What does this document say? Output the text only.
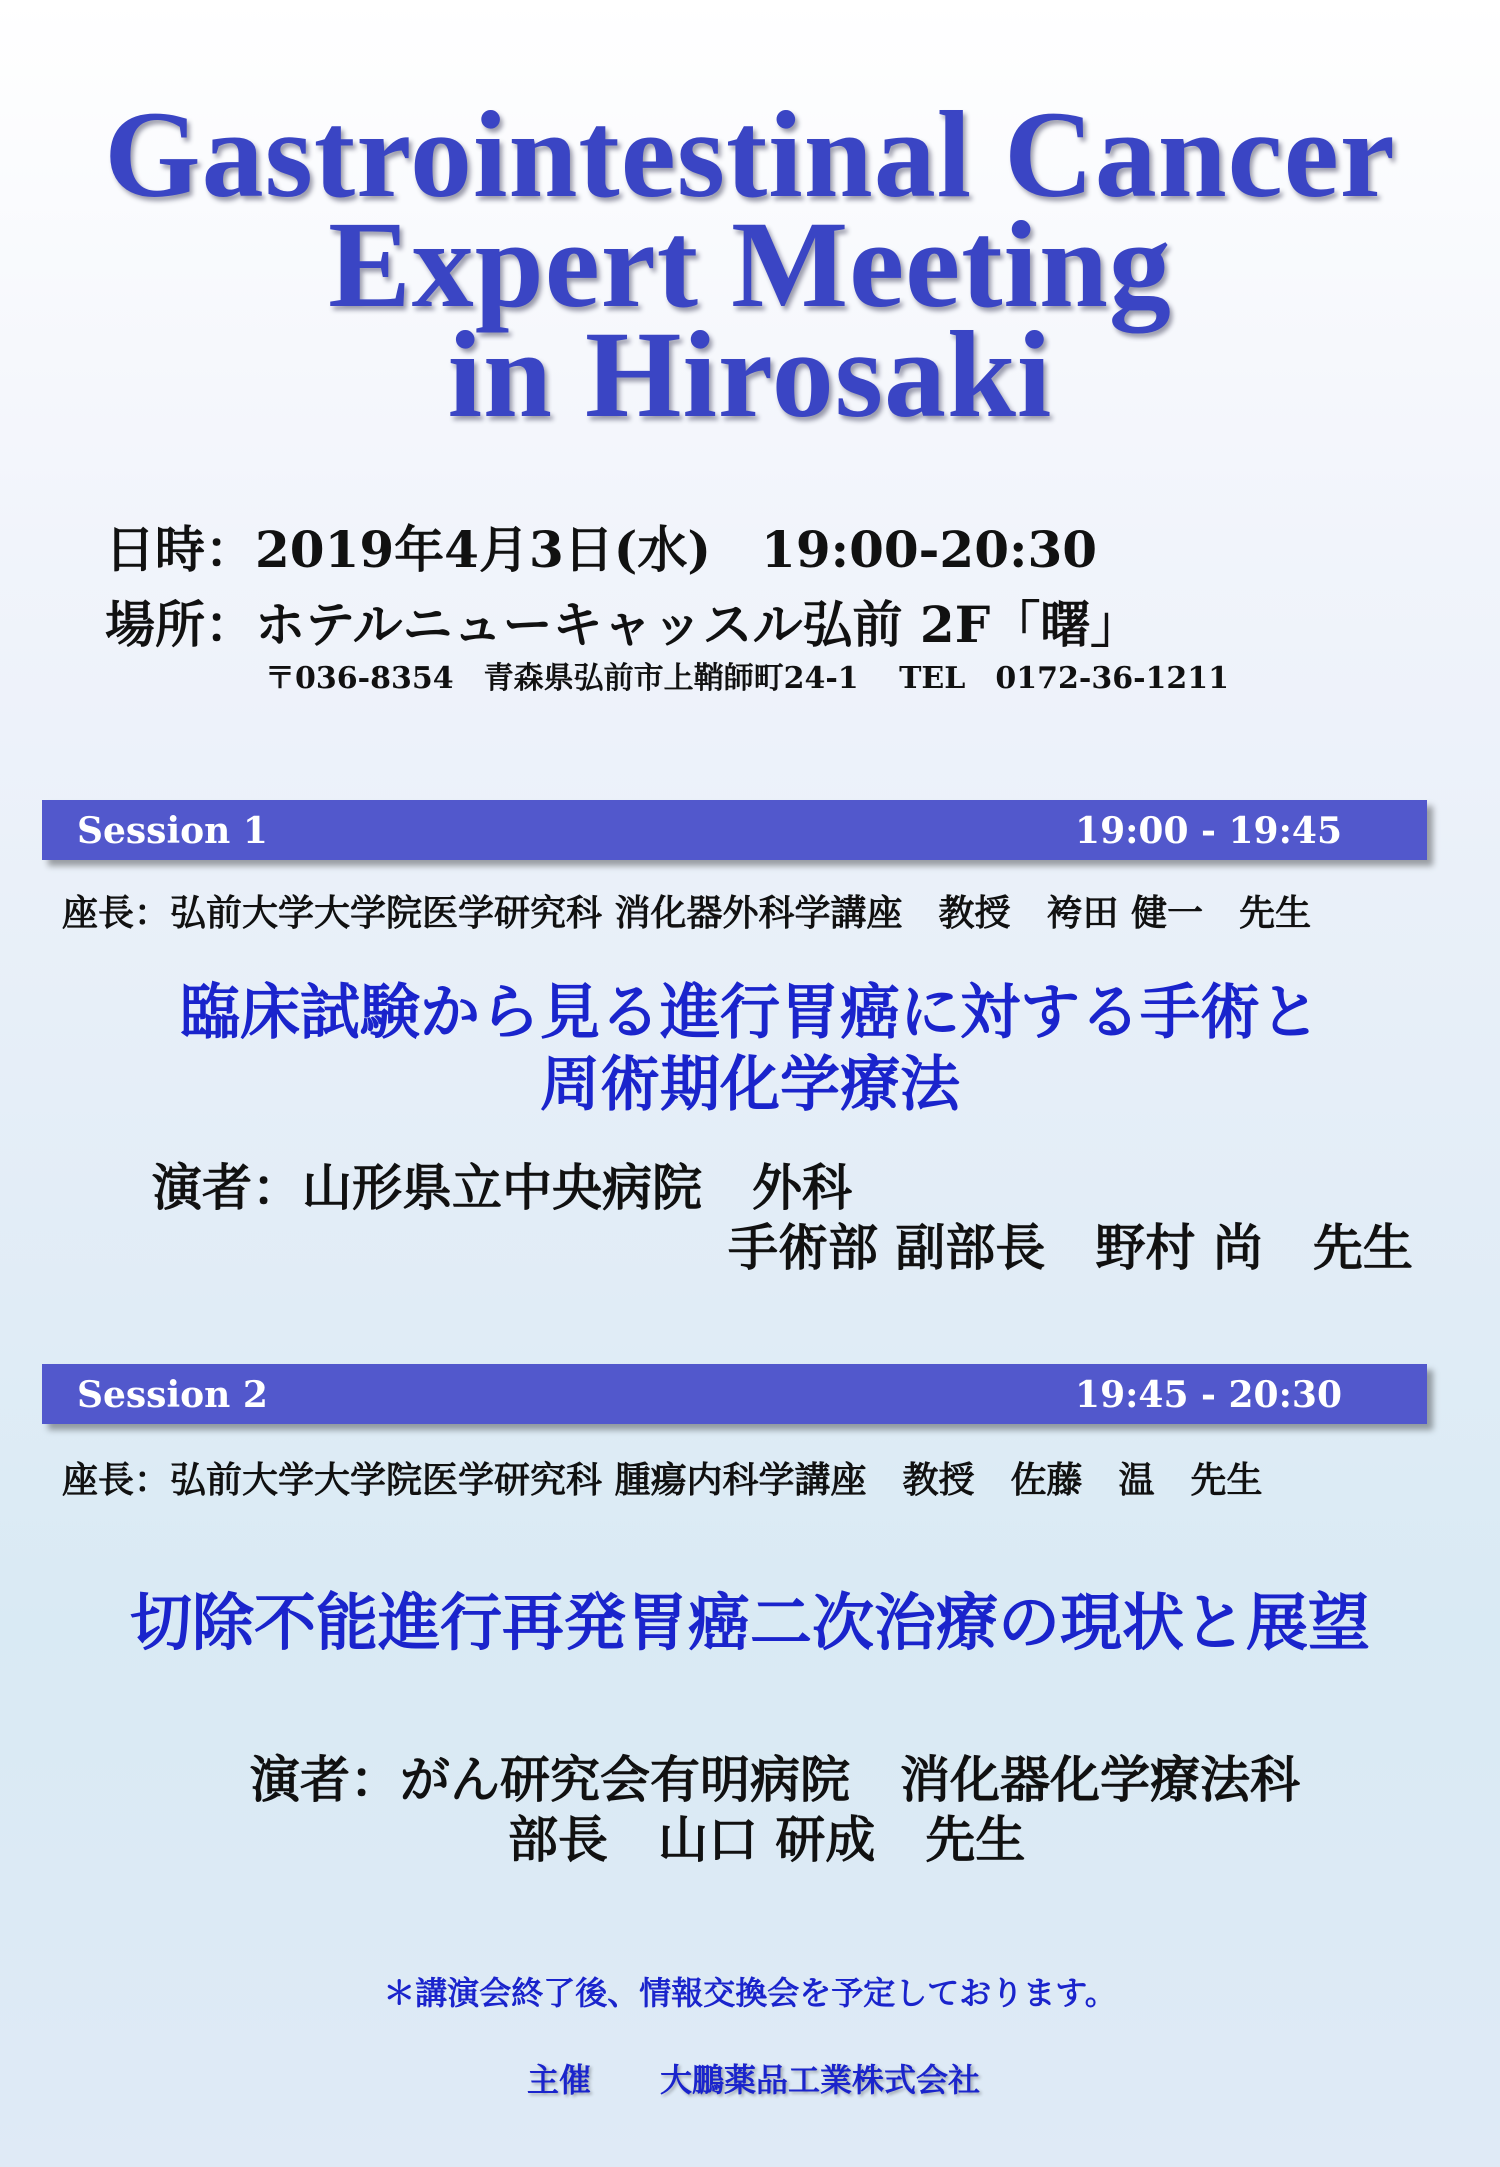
Gastrointestinal Cancer
Expert Meeting
in Hirosaki
日時：2019年4月3日(水)　19:00-20:30
場所：ホテルニューキャッスル弘前 2F「曙」
〒036-8354　青森県弘前市上鞘師町24-1　 TEL　0172-36-1211
Session 1	19:00 - 19:45
座長：弘前大学大学院医学研究科 消化器外科学講座　教授　袴田 健一　先生
臨床試験から見る進行胃癌に対する手術と
周術期化学療法
演者：山形県立中央病院　外科
手術部 副部長　野村 尚　先生
Session 2	19:45 - 20:30
座長：弘前大学大学院医学研究科 腫瘍内科学講座　教授　佐藤　温　先生
切除不能進行再発胃癌二次治療の現状と展望
演者：がん研究会有明病院　消化器化学療法科
部長　山口 研成　先生
＊講演会終了後、情報交換会を予定しております。
主催 大鵬薬品工業株式会社
